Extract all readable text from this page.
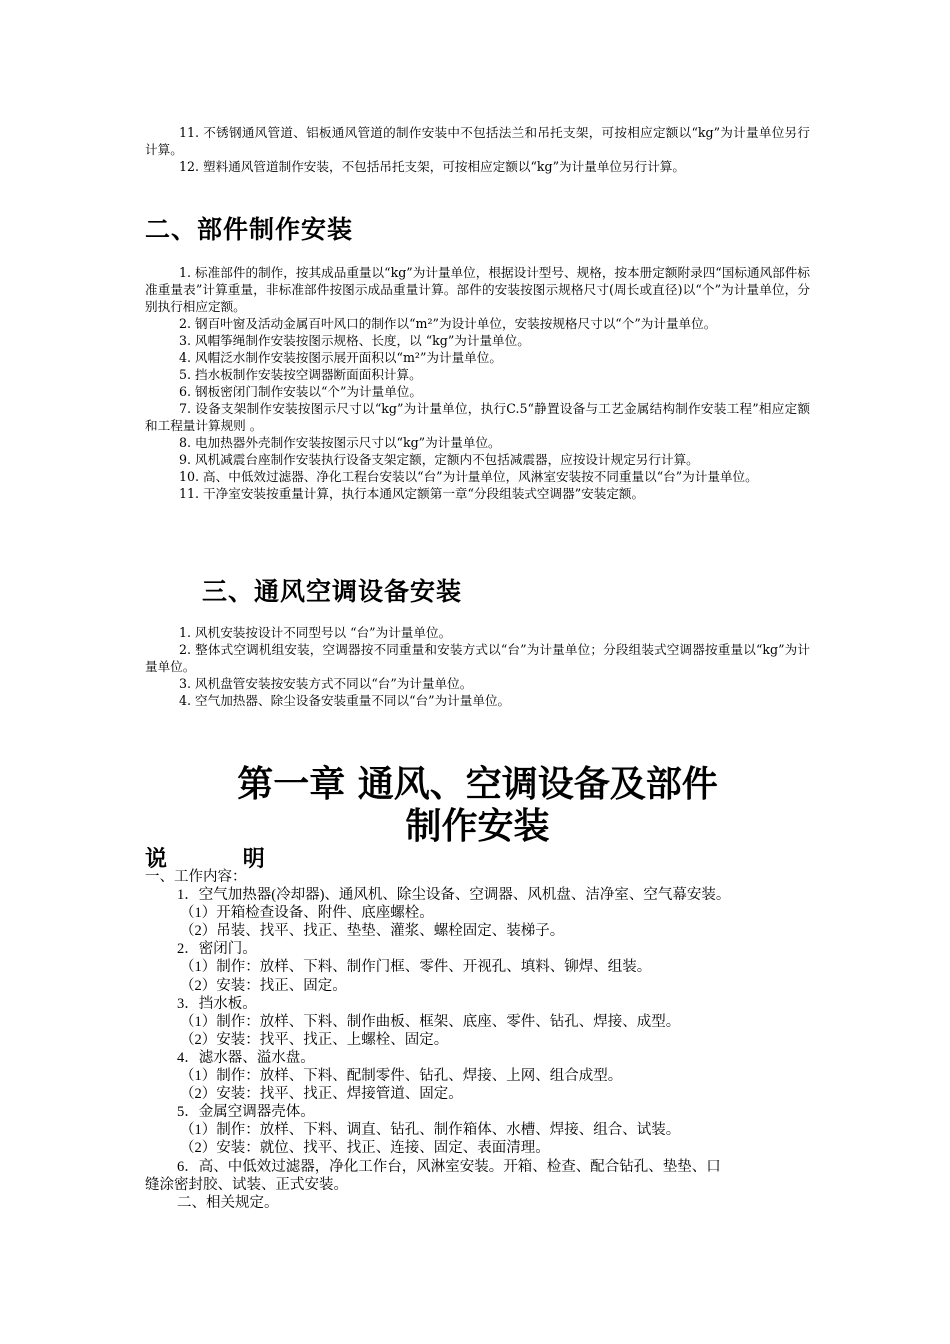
11. 不锈钢通风管道、铝板通风管道的制作安装中不包括法兰和吊托支架，可按相应定额以“kg”为计量单位另行计算。

12. 塑料通风管道制作安装，不包括吊托支架，可按相应定额以“kg”为计量单位另行计算。

二、部件制作安装

1. 标准部件的制作，按其成品重量以“kg”为计量单位，根据设计型号、规格，按本册定额附录四“国标通风部件标准重量表”计算重量，非标准部件按图示成品重量计算。部件的安装按图示规格尺寸(周长或直径)以“个”为计量单位，分别执行相应定额。

2. 钢百叶窗及活动金属百叶风口的制作以“m²”为设计单位，安装按规格尺寸以“个”为计量单位。

3. 风帽筝绳制作安装按图示规格、长度，以 “kg”为计量单位。

4. 风帽泛水制作安装按图示展开面积以“m²”为计量单位。

5. 挡水板制作安装按空调器断面面积计算。

6. 钢板密闭门制作安装以“个”为计量单位。

7. 设备支架制作安装按图示尺寸以“kg”为计量单位，执行C.5“静置设备与工艺金属结构制作安装工程”相应定额和工程量计算规则 。

8. 电加热器外壳制作安装按图示尺寸以“kg”为计量单位。

9. 风机减震台座制作安装执行设备支架定额，定额内不包括减震器，应按设计规定另行计算。

10. 高、中低效过滤器、净化工程台安装以“台”为计量单位，风淋室安装按不同重量以“台”为计量单位。

11. 干净室安装按重量计算，执行本通风定额第一章“分段组装式空调器”安装定额。

三、通风空调设备安装

1. 风机安装按设计不同型号以 “台”为计量单位。

2. 整体式空调机组安装，空调器按不同重量和安装方式以“台”为计量单位；分段组装式空调器按重量以“kg”为计量单位。

3. 风机盘管安装按安装方式不同以“台”为计量单位。

4. 空气加热器、除尘设备安装重量不同以“台”为计量单位。

第一章 通风、空调设备及部件
制作安装
说	明

一、工作内容：

1．空气加热器(冷却器)、通风机、除尘设备、空调器、风机盘、洁净室、空气幕安装。

（1）开箱检查设备、附件、底座螺栓。

（2）吊装、找平、找正、垫垫、灌浆、螺栓固定、装梯子。

2．密闭门。

（1）制作：放样、下料、制作门框、零件、开视孔、填料、铆焊、组装。

（2）安装：找正、固定。

3．挡水板。

（1）制作：放样、下料、制作曲板、框架、底座、零件、钻孔、焊接、成型。

（2）安装：找平、找正、上螺栓、固定。

4．滤水器、溢水盘。

（1）制作：放样、下料、配制零件、钻孔、焊接、上网、组合成型。

（2）安装：找平、找正、焊接管道、固定。

5．金属空调器壳体。

（1）制作：放样、下料、调直、钻孔、制作箱体、水槽、焊接、组合、试装。

（2）安装：就位、找平、找正、连接、固定、表面清理。

6．高、中低效过滤器，净化工作台，风淋室安装。开箱、检查、配合钻孔、垫垫、口

缝涂密封胶、试装、正式安装。

二、相关规定。
